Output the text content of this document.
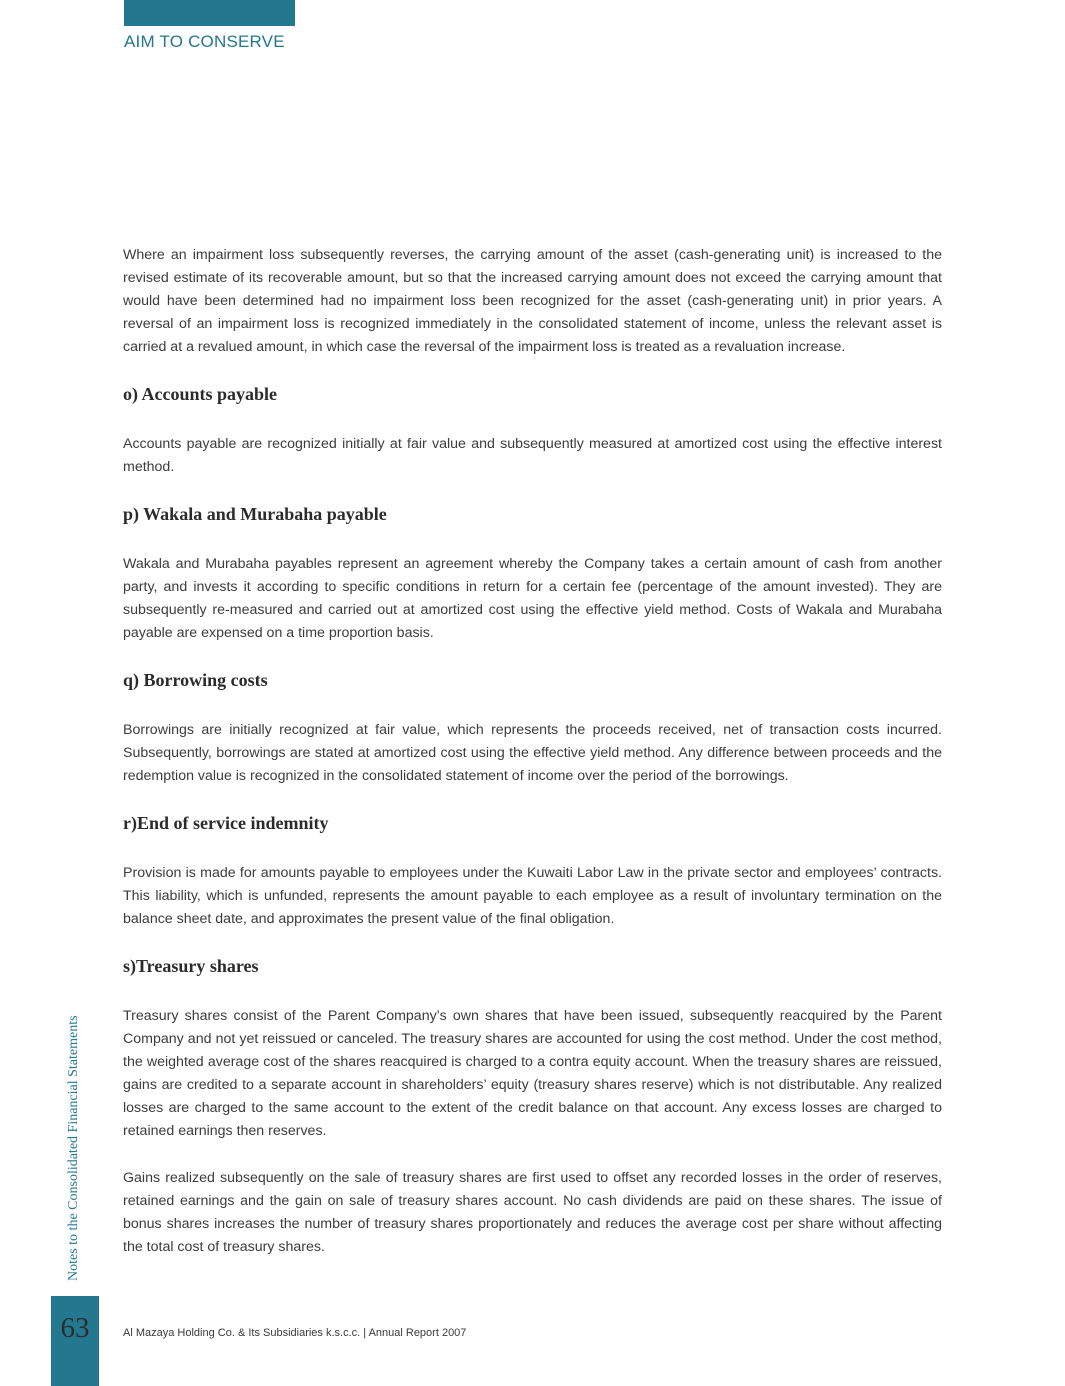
AIM TO CONSERVE

Where an impairment loss subsequently reverses, the carrying amount of the asset (cash-generating unit) is increased to the revised estimate of its recoverable amount, but so that the increased carrying amount does not exceed the carrying amount that would have been determined had no impairment loss been recognized for the asset (cash-generating unit) in prior years. A reversal of an impairment loss is recognized immediately in the consolidated statement of income, unless the relevant asset is carried at a revalued amount, in which case the reversal of the impairment loss is treated as a revaluation increase.

o) Accounts payable

Accounts payable are recognized initially at fair value and subsequently measured at amortized cost using the effective interest method.

p) Wakala and Murabaha payable

Wakala and Murabaha payables represent an agreement whereby the Company takes a certain amount of cash from another party, and invests it according to specific conditions in return for a certain fee (percentage of the amount invested). They are subsequently re-measured and carried out at amortized cost using the effective yield method. Costs of Wakala and Murabaha payable are expensed on a time proportion basis.

q) Borrowing costs

Borrowings are initially recognized at fair value, which represents the proceeds received, net of transaction costs incurred. Subsequently, borrowings are stated at amortized cost using the effective yield method. Any difference between proceeds and the redemption value is recognized in the consolidated statement of income over the period of the borrowings.

r)End of service indemnity

Provision is made for amounts payable to employees under the Kuwaiti Labor Law in the private sector and employees’ contracts. This liability, which is unfunded, represents the amount payable to each employee as a result of involuntary termination on the balance sheet date, and approximates the present value of the final obligation.

s)Treasury shares

Treasury shares consist of the Parent Company’s own shares that have been issued, subsequently reacquired by the Parent Company and not yet reissued or canceled. The treasury shares are accounted for using the cost method. Under the cost method, the weighted average cost of the shares reacquired is charged to a contra equity account. When the treasury shares are reissued, gains are credited to a separate account in shareholders’ equity (treasury shares reserve) which is not distributable. Any realized losses are charged to the same account to the extent of the credit balance on that account. Any excess losses are charged to retained earnings then reserves.

Gains realized subsequently on the sale of treasury shares are first used to offset any recorded losses in the order of reserves, retained earnings and the gain on sale of treasury shares account. No cash dividends are paid on these shares. The issue of bonus shares increases the number of treasury shares proportionately and reduces the average cost per share without affecting the total cost of treasury shares.

Notes to the Consolidated Financial Statements
63	Al Mazaya Holding Co. & Its Subsidiaries k.s.c.c. | Annual Report 2007
